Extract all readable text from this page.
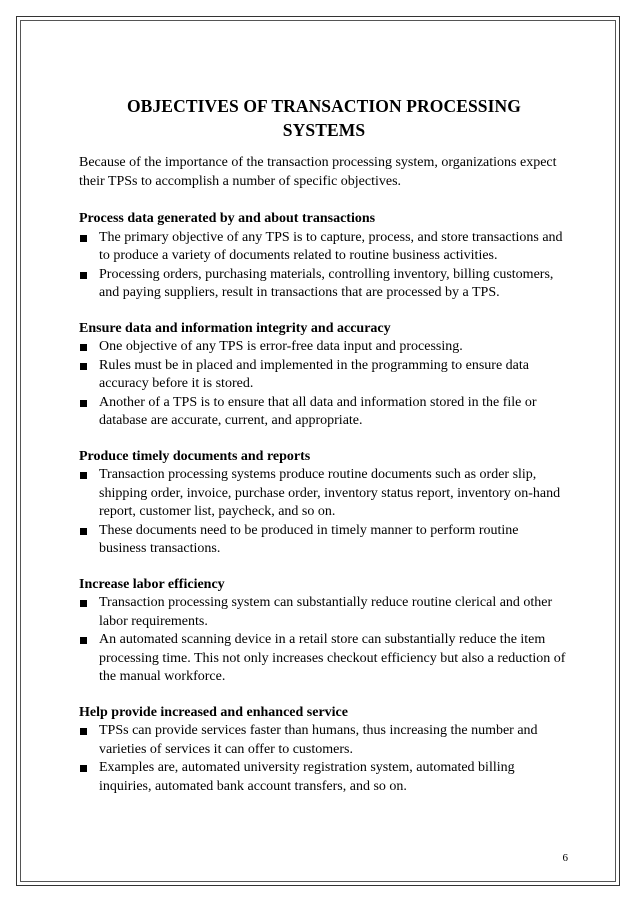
OBJECTIVES OF TRANSACTION PROCESSING
SYSTEMS

Because of the importance of the transaction processing system, organizations expect their TPSs to accomplish a number of specific objectives.

Process data generated by and about transactions

The primary objective of any TPS is to capture, process, and store transactions and to produce a variety of documents related to routine business activities.
Processing orders, purchasing materials, controlling inventory, billing customers, and paying suppliers, result in transactions that are processed by a TPS.

Ensure data and information integrity and accuracy

One objective of any TPS is error-free data input and processing.
Rules must be in placed and implemented in the programming to ensure data accuracy before it is stored.
Another of a TPS is to ensure that all data and information stored in the file or database are accurate, current, and appropriate.

Produce timely documents and reports

Transaction processing systems produce routine documents such as order slip, shipping order, invoice, purchase order, inventory status report, inventory on-hand report, customer list, paycheck, and so on.
These documents need to be produced in timely manner to perform routine business transactions.

Increase labor efficiency

Transaction processing system can substantially reduce routine clerical and other labor requirements.
An automated scanning device in a retail store can substantially reduce the item processing time. This not only increases checkout efficiency but also a reduction of the manual workforce.

Help provide increased and enhanced service

TPSs can provide services faster than humans, thus increasing the number and varieties of services it can offer to customers.
Examples are, automated university registration system, automated billing inquiries, automated bank account transfers, and so on.
6
